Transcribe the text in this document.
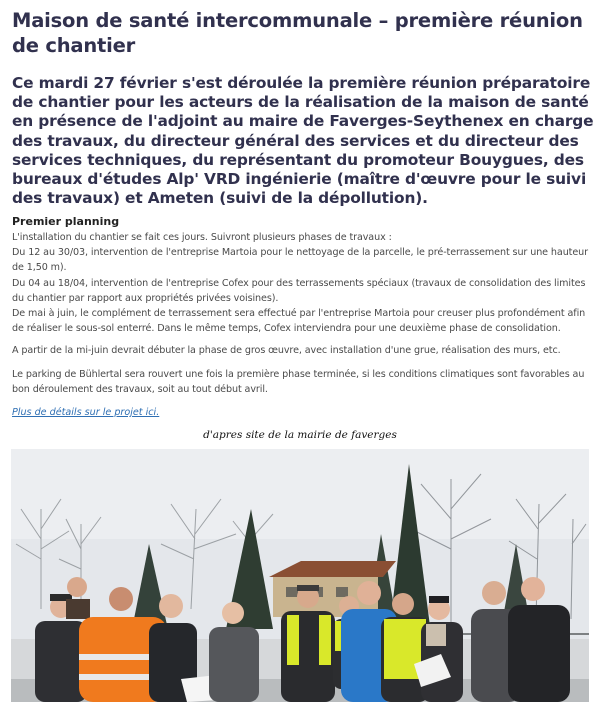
Maison de santé intercommunale – première réunion de chantier

Ce mardi 27 février s'est déroulée la première réunion préparatoire de chantier pour les acteurs de la réalisation de la maison de santé en présence de l'adjoint au maire de Faverges-Seythenex en charge des travaux, du directeur général des services et du directeur des services techniques, du représentant du promoteur Bouygues, des bureaux d'études Alp' VRD ingénierie (maître d'œuvre pour le suivi des travaux) et Ameten (suivi de la dépollution).

Premier planning

L'installation du chantier se fait ces jours. Suivront plusieurs phases de travaux :
Du 12 au 30/03, intervention de l'entreprise Martoia pour le nettoyage de la parcelle, le pré-terrassement sur une hauteur
de 1,50 m).
Du 04 au 18/04, intervention de l'entreprise Cofex pour des terrassements spéciaux (travaux de consolidation des limites
du chantier par rapport aux propriétés privées voisines).
De mai à juin, le complément de terrassement sera effectué par l'entreprise Martoia pour creuser plus profondément afin
de réaliser le sous-sol enterré. Dans le même temps, Cofex interviendra pour une deuxième phase de consolidation.

A partir de la mi-juin devrait débuter la phase de gros œuvre, avec installation d'une grue, réalisation des murs, etc.

Le parking de Bühlertal sera rouvert une fois la première phase terminée, si les conditions climatiques sont favorables au
bon déroulement des travaux, soit au tout début avril.

Plus de détails sur le projet ici.

d'apres site de la mairie de faverges
